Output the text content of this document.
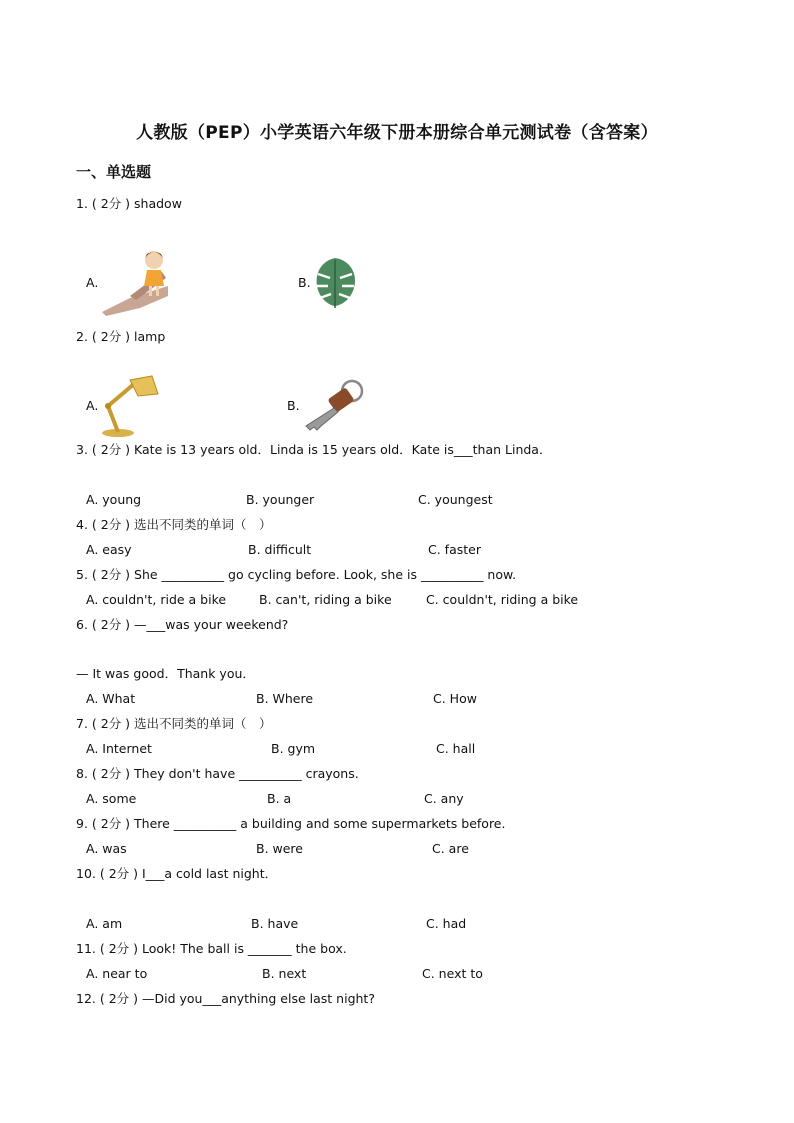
人教版（PEP）小学英语六年级下册本册综合单元测试卷（含答案）
一、单选题
1. ( 2分 ) shadow
A.	B.
2. ( 2分 ) lamp
A.	B.
3. ( 2分 ) Kate is 13 years old．Linda is 15 years old．Kate is___than Linda．
A. young	B. younger	C. youngest
4. ( 2分 ) 选出不同类的单词（　）
A. easy	B. difficult	C. faster
5. ( 2分 ) She __________ go cycling before. Look, she is __________ now.
A. couldn't, ride a bike	B. can't, riding a bike	C. couldn't, riding a bike
6. ( 2分 ) —___was your weekend?
— It was good．Thank you．
A. What	B. Where	C. How
7. ( 2分 ) 选出不同类的单词（　）
A. Internet	B. gym	C. hall
8. ( 2分 ) They don't have __________ crayons.
A. some	B. a	C. any
9. ( 2分 ) There __________ a building and some supermarkets before.
A. was	B. were	C. are
10. ( 2分 ) I___a cold last night．
A. am	B. have	C. had
11. ( 2分 ) Look! The ball is _______ the box.
A. near to	B. next	C. next to
12. ( 2分 ) —Did you___anything else last night?
